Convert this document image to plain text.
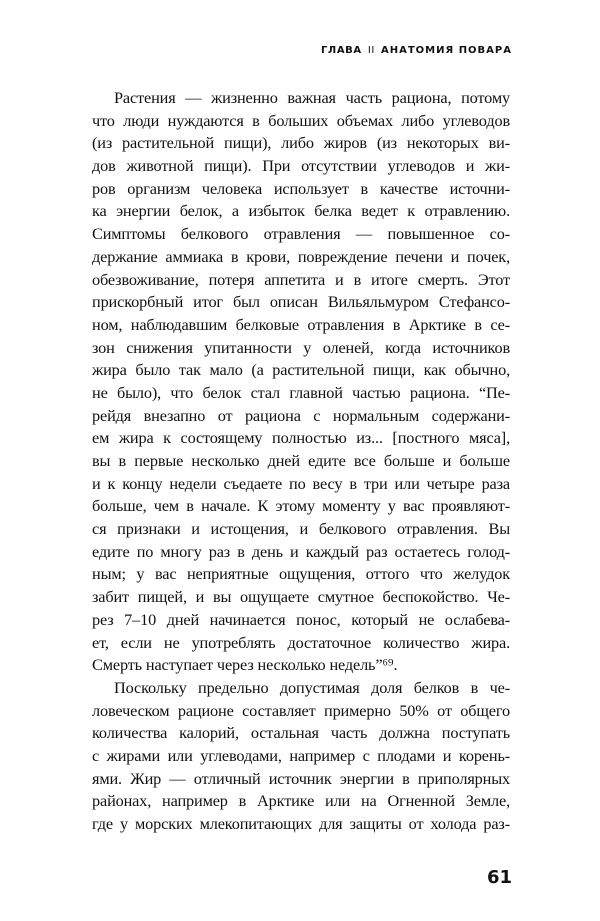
ГЛАВА II АНАТОМИЯ ПОВАРА
Растения — жизненно важная часть рациона, потому
что люди нуждаются в больших объемах либо углеводов
(из растительной пищи), либо жиров (из некоторых ви-
дов животной пищи). При отсутствии углеводов и жи-
ров организм человека использует в качестве источни-
ка энергии белок, а избыток белка ведет к отравлению.
Симптомы белкового отравления — повышенное со-
держание аммиака в крови, повреждение печени и почек,
обезвоживание, потеря аппетита и в итоге смерть. Этот
прискорбный итог был описан Вильяльмуром Стефансо-
ном, наблюдавшим белковые отравления в Арктике в се-
зон снижения упитанности у оленей, когда источников
жира было так мало (а растительной пищи, как обычно,
не было), что белок стал главной частью рациона. “Пе-
рейдя внезапно от рациона с нормальным содержани-
ем жира к состоящему полностью из... [постного мяса],
вы в первые несколько дней едите все больше и больше
и к концу недели съедаете по весу в три или четыре раза
больше, чем в начале. К этому моменту у вас проявляют-
ся признаки и истощения, и белкового отравления. Вы
едите по многу раз в день и каждый раз остаетесь голод-
ным; у вас неприятные ощущения, оттого что желудок
забит пищей, и вы ощущаете смутное беспокойство. Че-
рез 7–10 дней начинается понос, который не ослабева-
ет, если не употреблять достаточное количество жира.
Смерть наступает через несколько недель”⁶⁹.
Поскольку предельно допустимая доля белков в че-
ловеческом рационе составляет примерно 50% от общего
количества калорий, остальная часть должна поступать
с жирами или углеводами, например с плодами и корень-
ями. Жир — отличный источник энергии в приполярных
районах, например в Арктике или на Огненной Земле,
где у морских млекопитающих для защиты от холода раз-
61
